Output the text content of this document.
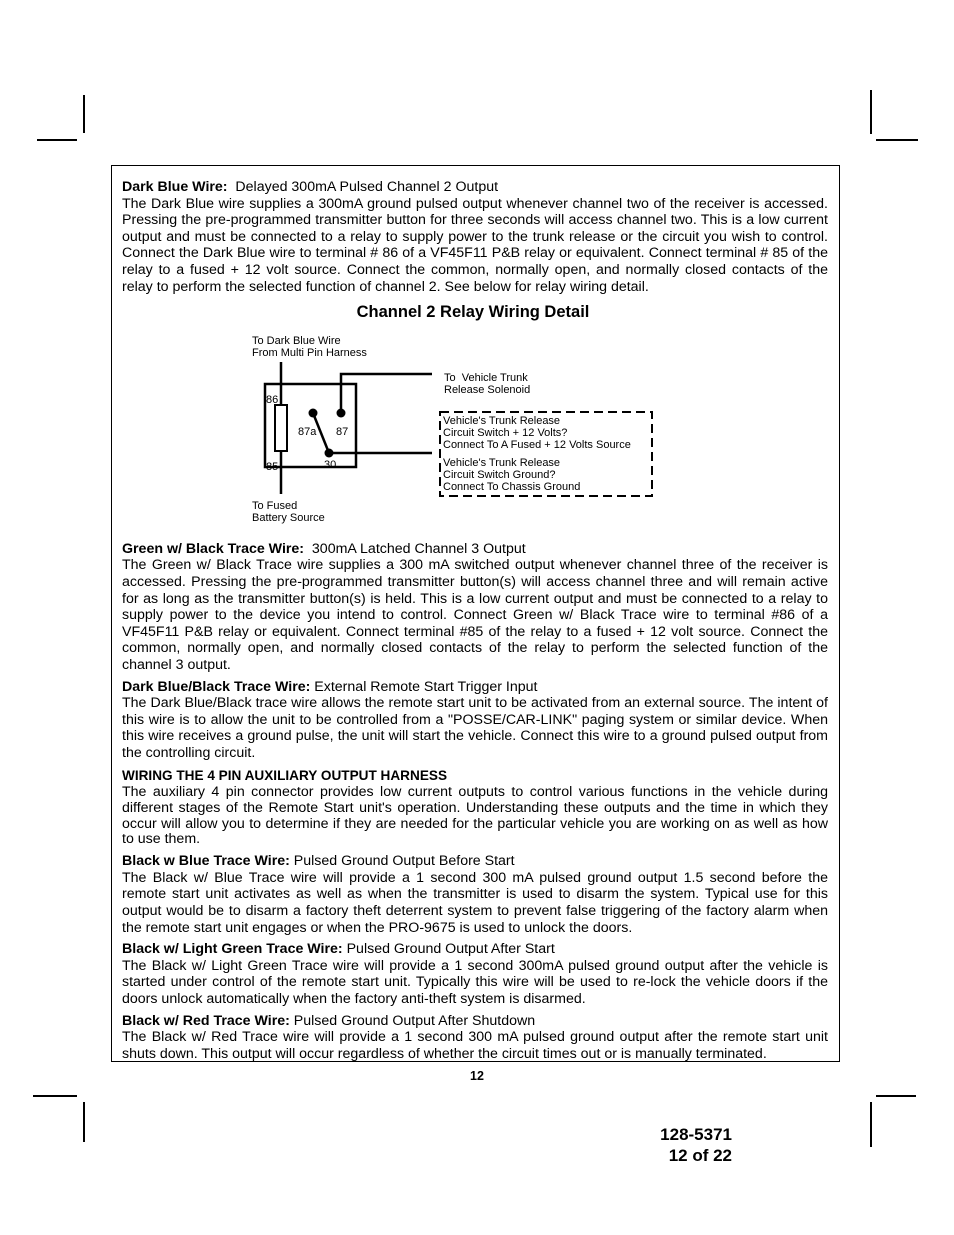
Dark Blue Wire: Delayed 300mA Pulsed Channel 2 Output

The Dark Blue wire supplies a 300mA ground pulsed output whenever channel two of the receiver is accessed. Pressing the pre-programmed transmitter button for three seconds will access channel two. This is a low current output and must be connected to a relay to supply power to the trunk release or the circuit you wish to control. Connect the Dark Blue wire to terminal # 86 of a VF45F11 P&B relay or equivalent. Connect terminal # 85 of the relay to a fused + 12 volt source. Connect the common, normally open, and normally closed contacts of the relay to perform the selected function of channel 2. See below for relay wiring detail.

Channel 2 Relay Wiring Detail
To Dark Blue Wire
From Multi Pin Harness
To  Vehicle Trunk
Release Solenoid
86
85
87a 87
30
To Fused
Battery Source
Vehicle's Trunk Release
Circuit Switch + 12 Volts?
Connect To A Fused + 12 Volts Source
Vehicle's Trunk Release
Circuit Switch Ground?
Connect To Chassis Ground

Green w/ Black Trace Wire: 300mA Latched Channel 3 Output

The Green w/ Black Trace wire supplies a 300 mA switched output whenever channel three of the receiver is accessed. Pressing the pre-programmed transmitter button(s) will access channel three and will remain active for as long as the transmitter button(s) is held. This is a low current output and must be connected to a relay to supply power to the device you intend to control. Connect Green w/ Black Trace wire to terminal #86 of a VF45F11 P&B relay or equivalent. Connect terminal #85 of the relay to a fused + 12 volt source. Connect the common, normally open, and normally closed contacts of the relay to perform the selected function of the channel 3 output.

Dark Blue/Black Trace Wire: External Remote Start Trigger Input

The Dark Blue/Black trace wire allows the remote start unit to be activated from an external source. The intent of this wire is to allow the unit to be controlled from a "POSSE/CAR-LINK" paging system or similar device. When this wire receives a ground pulse, the unit will start the vehicle. Connect this wire to a ground pulsed output from the controlling circuit.

WIRING THE 4 PIN AUXILIARY OUTPUT HARNESS

The auxiliary 4 pin connector provides low current outputs to control various functions in the vehicle during different stages of the Remote Start unit's operation. Understanding these outputs and the time in which they occur will allow you to determine if they are needed for the particular vehicle you are working on as well as how to use them.

Black w Blue Trace Wire: Pulsed Ground Output Before Start

The Black w/ Blue Trace wire will provide a 1 second 300 mA pulsed ground output 1.5 second before the remote start unit activates as well as when the transmitter is used to disarm the system. Typical use for this output would be to disarm a factory theft deterrent system to prevent false triggering of the factory alarm when the remote start unit engages or when the PRO-9675 is used to unlock the doors.

Black w/ Light Green Trace Wire: Pulsed Ground Output After Start

The Black w/ Light Green Trace wire will provide a 1 second 300mA pulsed ground output after the vehicle is started under control of the remote start unit. Typically this wire will be used to re-lock the vehicle doors if the doors unlock automatically when the factory anti-theft system is disarmed.

Black w/ Red Trace Wire: Pulsed Ground Output After Shutdown

The Black w/ Red Trace wire will provide a 1 second 300 mA pulsed ground output after the remote start unit shuts down. This output will occur regardless of whether the circuit times out or is manually terminated.

12
128-5371
12 of 22
